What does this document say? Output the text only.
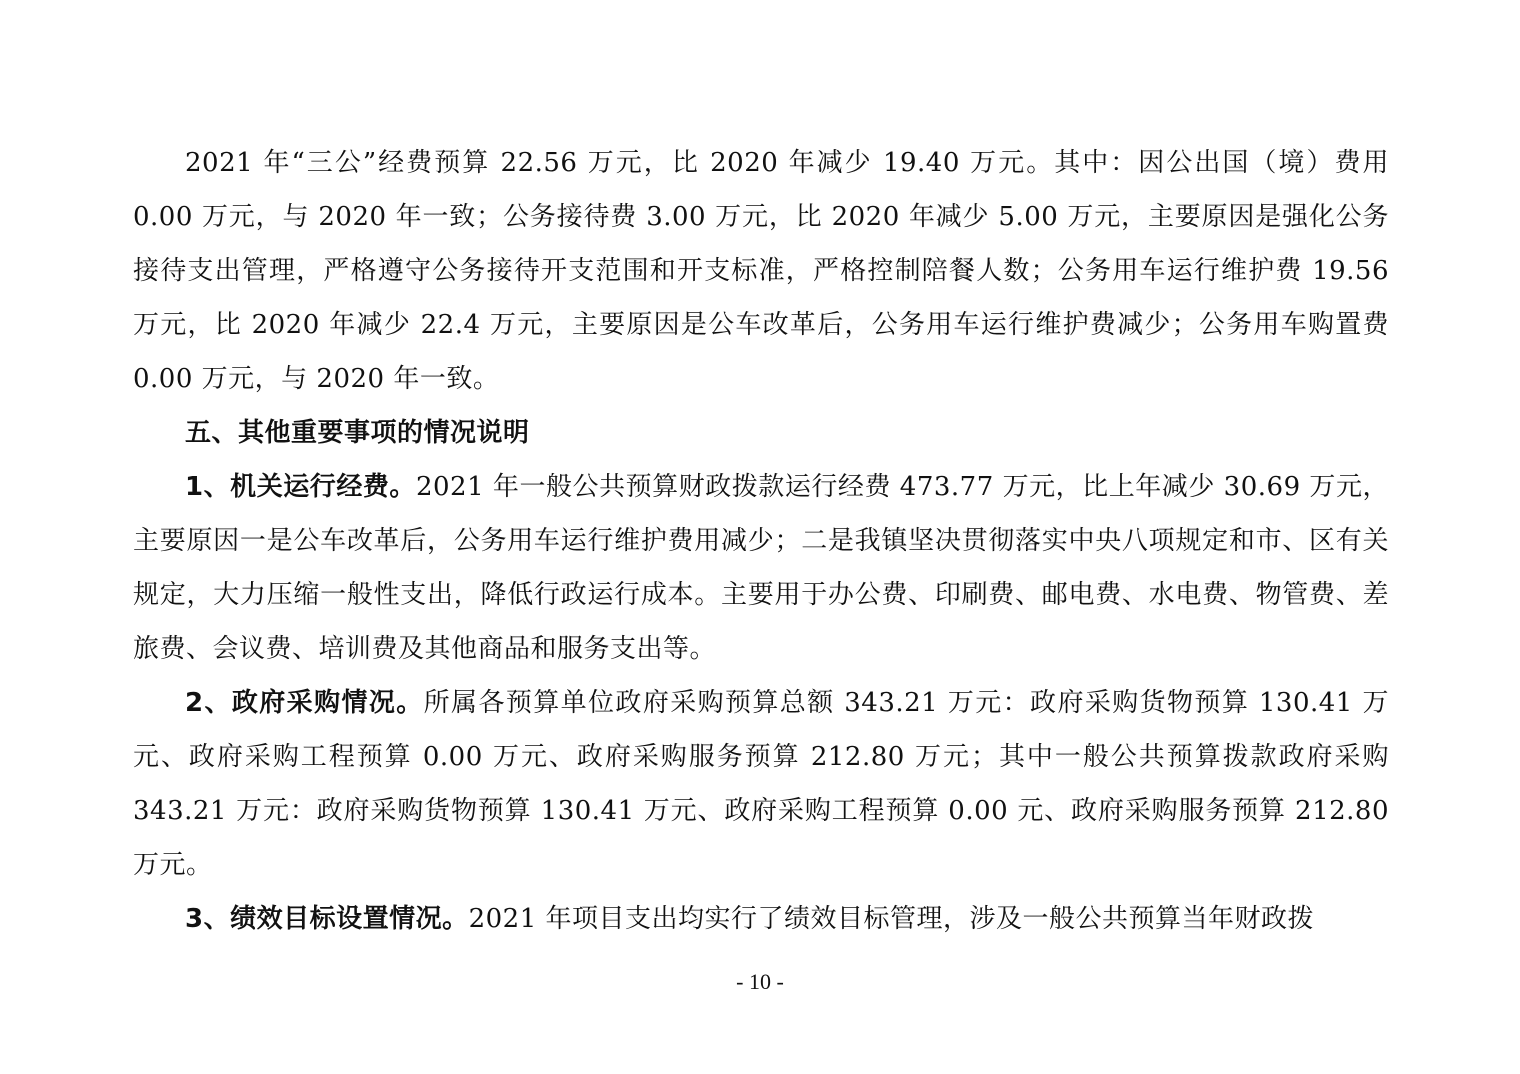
2021 年“三公”经费预算 22.56 万元，比 2020 年减少 19.40 万元。其中：因公出国（境）费用 0.00 万元，与 2020 年一致；公务接待费 3.00 万元，比 2020 年减少 5.00 万元，主要原因是强化公务接待支出管理，严格遵守公务接待开支范围和开支标准，严格控制陪餐人数；公务用车运行维护费 19.56 万元，比 2020 年减少 22.4 万元，主要原因是公车改革后，公务用车运行维护费减少；公务用车购置费 0.00 万元，与 2020 年一致。

五、其他重要事项的情况说明

1、机关运行经费。2021 年一般公共预算财政拨款运行经费 473.77 万元，比上年减少 30.69 万元，主要原因一是公车改革后，公务用车运行维护费用减少；二是我镇坚决贯彻落实中央八项规定和市、区有关规定，大力压缩一般性支出，降低行政运行成本。主要用于办公费、印刷费、邮电费、水电费、物管费、差旅费、会议费、培训费及其他商品和服务支出等。

2、政府采购情况。所属各预算单位政府采购预算总额 343.21 万元：政府采购货物预算 130.41 万元、政府采购工程预算 0.00 万元、政府采购服务预算 212.80 万元；其中一般公共预算拨款政府采购 343.21 万元：政府采购货物预算 130.41 万元、政府采购工程预算 0.00 元、政府采购服务预算 212.80 万元。

3、绩效目标设置情况。2021 年项目支出均实行了绩效目标管理，涉及一般公共预算当年财政拨

- 10 -
